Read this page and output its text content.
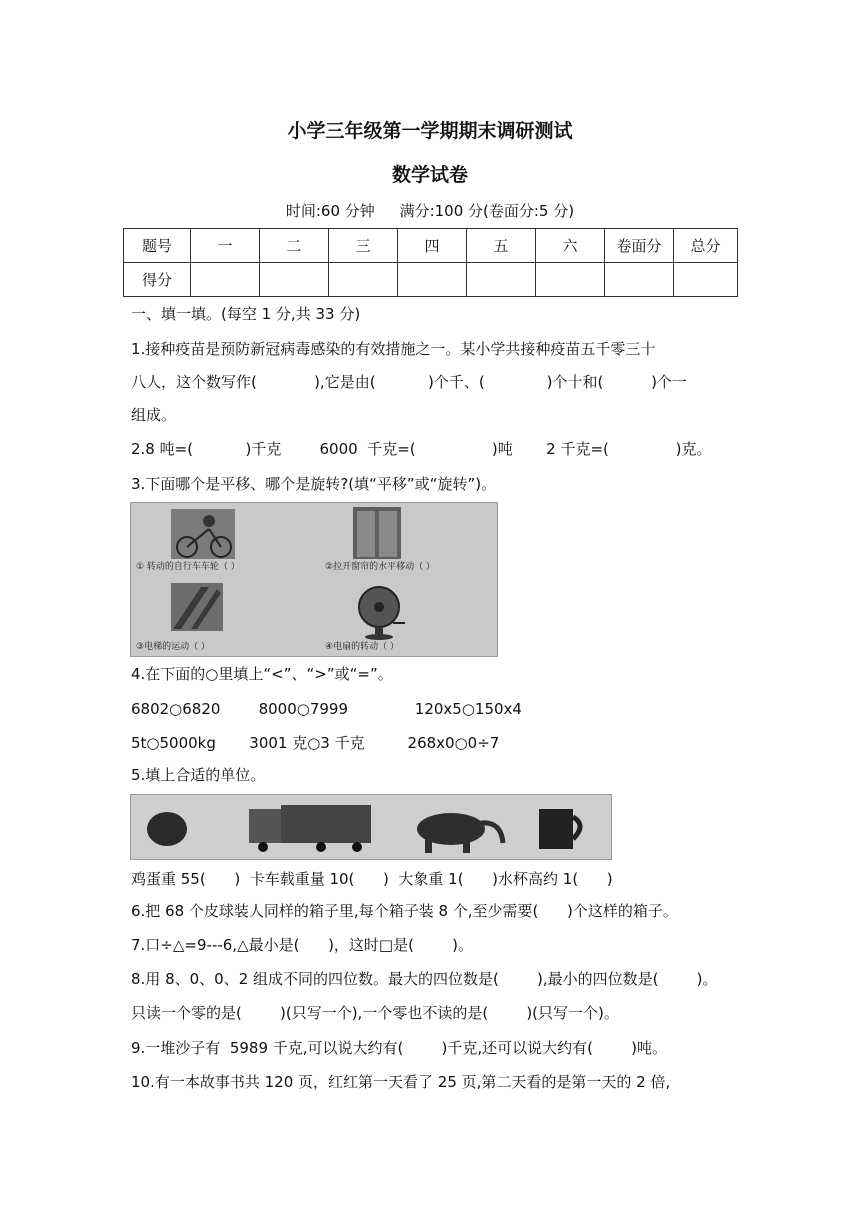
小学三年级第一学期期末调研测试
数学试卷
时间:60 分钟 满分:100 分(卷面分:5 分)
题号	一	二	三	四	五	六	卷面分	总分
得分								
一、填一填。(每空 1 分,共 33 分)
1.接种疫苗是预防新冠病毒感染的有效措施之一。某小学共接种疫苗五千零三十
八人，这个数写作(            ),它是由(           )个千、(             )个十和(          )个一
组成。
2.8 吨=(           )千克        6000  千克=(                )吨       2 千克=(              )克。
3.下面哪个是平移、哪个是旋转?(填“平移”或“旋转”)。
① 转动的自行车车轮（ ）	②拉开窗帘的水平移动（ ）
③电梯的运动（ ）	④电扇的转动（ ）
4.在下面的○里填上“<”、“>”或“=”。
6802○6820        8000○7999              120x5○150x4
5t○5000kg       3001 克○3 千克         268x0○0÷7
5.填上合适的单位。
鸡蛋重 55(      )  卡车载重量 10(      )  大象重 1(      )水杯高约 1(      )
6.把 68 个皮球装人同样的箱子里,每个箱子装 8 个,至少需要(      )个这样的箱子。
7.口÷△=9---6,△最小是(      )，这时□是(        )。
8.用 8、0、0、2 组成不同的四位数。最大的四位数是(        ),最小的四位数是(        )。
只读一个零的是(        )(只写一个),一个零也不读的是(        )(只写一个)。
9.一堆沙子有  5989 千克,可以说大约有(        )千克,还可以说大约有(        )吨。
10.有一本故事书共 120 页，红红第一天看了 25 页,第二天看的是第一天的 2 倍,
